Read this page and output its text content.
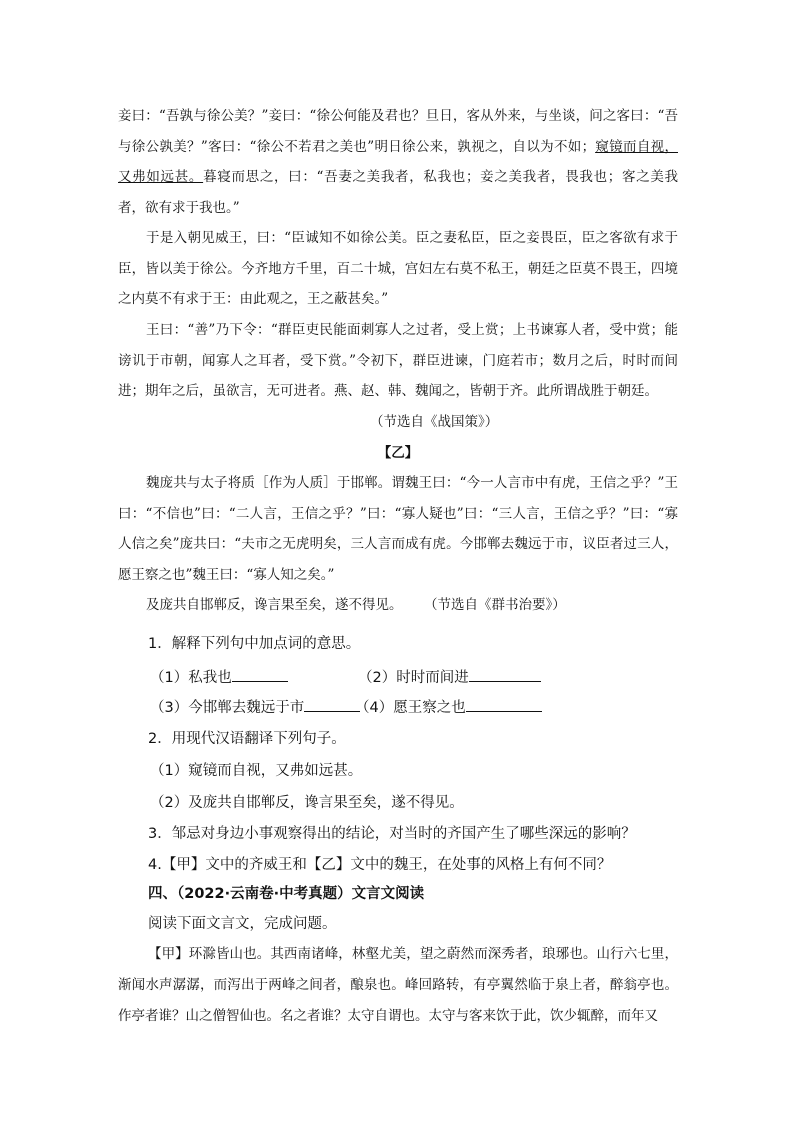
妾曰：“吾孰与徐公美？”妾曰：“徐公何能及君也？旦日，客从外来，与坐谈，问之客曰：“吾与徐公孰美？”客曰：“徐公不若君之美也”明日徐公来，孰视之，自以为不如；窥镜而自视，又弗如远甚。暮寝而思之，曰：“吾妻之美我者，私我也；妾之美我者，畏我也；客之美我者，欲有求于我也。”

于是入朝见威王，曰：“臣诚知不如徐公美。臣之妻私臣，臣之妾畏臣，臣之客欲有求于臣，皆以美于徐公。今齐地方千里，百二十城，宫妇左右莫不私王，朝廷之臣莫不畏王，四境之内莫不有求于王：由此观之，王之蔽甚矣。”

王曰：“善”乃下令：“群臣吏民能面刺寡人之过者，受上赏；上书谏寡人者，受中赏；能谤讥于市朝，闻寡人之耳者，受下赏。”令初下，群臣进谏，门庭若市；数月之后，时时而间进；期年之后，虽欲言，无可进者。燕、赵、韩、魏闻之，皆朝于齐。此所谓战胜于朝廷。

（节选自《战国策》）

【乙】

魏庞共与太子将质［作为人质］于邯郸。谓魏王曰：“今一人言市中有虎，王信之乎？”王曰：“不信也”曰：“二人言，王信之乎？”曰：“寡人疑也”曰：“三人言，王信之乎？”曰：“寡人信之矣”庞共曰：“夫市之无虎明矣，三人言而成有虎。今邯郸去魏远于市，议臣者过三人，愿王察之也”魏王曰：“寡人知之矣。”

及庞共自邯郸反，谗言果至矣，遂不得见。	（节选自《群书治要》）

1．解释下列句中加点词的意思。

（1）私我也	（2）时时而间进

（3）今邯郸去魏远于市	（4）愿王察之也

2．用现代汉语翻译下列句子。

（1）窥镜而自视，又弗如远甚。

（2）及庞共自邯郸反，谗言果至矣，遂不得见。

3．邹忌对身边小事观察得出的结论，对当时的齐国产生了哪些深远的影响？

4.【甲】文中的齐威王和【乙】文中的魏王，在处事的风格上有何不同？

四、（2022·云南卷·中考真题）文言文阅读

阅读下面文言文，完成问题。

【甲】环滁皆山也。其西南诸峰，林壑尤美，望之蔚然而深秀者，琅琊也。山行六七里，渐闻水声潺潺，而泻出于两峰之间者，酿泉也。峰回路转，有亭翼然临于泉上者，醉翁亭也。作亭者谁？山之僧智仙也。名之者谁？太守自谓也。太守与客来饮于此，饮少辄醉，而年又
